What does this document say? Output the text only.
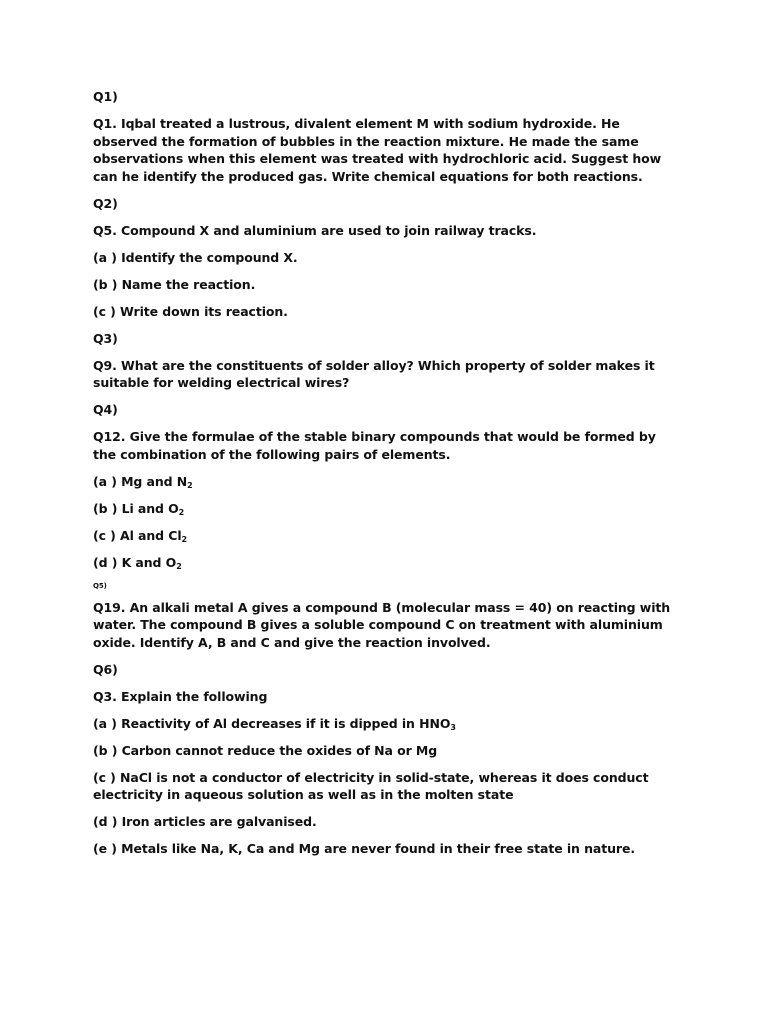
Q1)

Q1. Iqbal treated a lustrous, divalent element M with sodium hydroxide. He observed the formation of bubbles in the reaction mixture. He made the same observations when this element was treated with hydrochloric acid. Suggest how can he identify the produced gas. Write chemical equations for both reactions.

Q2)

Q5. Compound X and aluminium are used to join railway tracks.

(a ) Identify the compound X.

(b ) Name the reaction.

(c ) Write down its reaction.

Q3)

Q9. What are the constituents of solder alloy? Which property of solder makes it suitable for welding electrical wires?

Q4)

Q12. Give the formulae of the stable binary compounds that would be formed by the combination of the following pairs of elements.

(a ) Mg and $N_2$

(b ) Li and $O_2$

(c ) Al and $Cl_2$

(d ) K and $O_2$

Q5)

Q19. An alkali metal A gives a compound B (molecular mass = 40) on reacting with water. The compound B gives a soluble compound C on treatment with aluminium oxide. Identify A, B and C and give the reaction involved.

Q6)

Q3. Explain the following

(a ) Reactivity of Al decreases if it is dipped in $HNO_3$

(b ) Carbon cannot reduce the oxides of Na or Mg

(c ) NaCl is not a conductor of electricity in solid-state, whereas it does conduct electricity in aqueous solution as well as in the molten state

(d ) Iron articles are galvanised.

(e ) Metals like Na, K, Ca and Mg are never found in their free state in nature.
